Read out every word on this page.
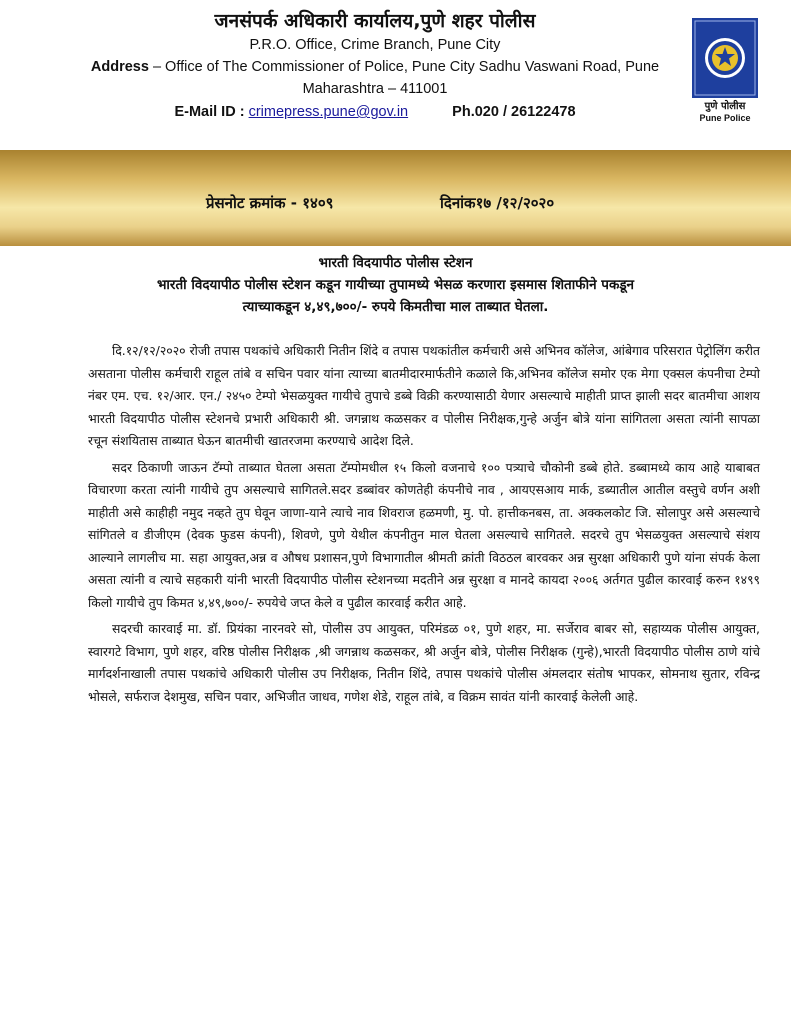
जनसंपर्क अधिकारी कार्यालय,पुणे शहर पोलीस
P.R.O. Office, Crime Branch, Pune City
Address – Office of The Commissioner of Police, Pune City Sadhu Vaswani Road, Pune
Maharashtra – 411001
E-Mail ID : crimepress.pune@gov.in	Ph.020 / 26122478	पुणे पोलीस
Pune Police
प्रेसनोट क्रमांक - १४०९	दिनांक१७ /१२/२०२०
भारती विदयापीठ पोलीस स्टेशन
भारती विदयापीठ पोलीस स्टेशन कडून गायीच्या तुपामध्ये भेसळ करणारा इसमास शिताफीने पकडून
त्याच्याकडून ४,४९,७००/- रुपये किमतीचा माल ताब्यात घेतला.

दि.१२/१२/२०२० रोजी तपास पथकांचे अधिकारी नितीन शिंदे व तपास पथकांतील कर्मचारी असे अभिनव कॉलेज, आंबेगाव परिसरात पेट्रोलिंग करीत असताना पोलीस कर्मचारी राहूल तांबे व सचिन पवार यांना त्याच्या बातमीदारमार्फतीने कळाले कि,अभिनव कॉलेज समोर एक मेगा एक्सल कंपनीचा टेम्पो नंबर एम. एच. १२/आर. एन./ २४५० टेम्पो भेसळयुक्त गायीचे तुपाचे डब्बे विक्री करण्यासाठी येणार असल्याचे माहीती प्राप्त झाली सदर बातमीचा आशय भारती विदयापीठ पोलीस स्टेशनचे प्रभारी अधिकारी श्री. जगन्नाथ कळसकर व पोलीस निरीक्षक,गुन्हे अर्जुन बोत्रे यांना सांगितला असता त्यांनी सापळा रचून संशयितास ताब्यात घेऊन बातमीची खातरजमा करण्याचे आदेश दिले.

सदर ठिकाणी जाऊन टॅम्पो ताब्यात घेतला असता टॅम्पोमधील १५ किलो वजनाचे १०० पत्र्याचे चौकोनी डब्बे होते. डब्बामध्ये काय आहे याबाबत विचारणा करता त्यांनी गायीचे तुप असल्याचे सागितले.सदर डब्बांवर कोणतेही कंपनीचे नाव , आयएसआय मार्क, डब्यातील आतील वस्तुचे वर्णन अशी माहीती असे काहीही नमुद नव्हते तुप घेवून जाणा-याने त्याचे नाव शिवराज हळमणी, मु. पो. हात्तीकनबस, ता. अक्कलकोट जि. सोलापुर असे असल्याचे सांगितले व डीजीएम (देवक फुडस कंपनी), शिवणे, पुणे येथील कंपनीतुन माल घेतला असल्याचे सागितले. सदरचे तुप भेसळयुक्त असल्याचे संशय आल्याने लागलीच मा. सहा आयुक्त,अन्न व औषध प्रशासन,पुणे विभागातील श्रीमती क्रांती विठठल बारवकर अन्न सुरक्षा अधिकारी पुणे यांना संपर्क केला असता त्यांनी व त्याचे सहकारी यांनी भारती विदयापीठ पोलीस स्टेशनच्या मदतीने अन्न सुरक्षा व मानदे कायदा २००६ अर्तगत पुढील कारवाई करुन १४९९ किलो गायीचे तुप किमत ४,४९,७००/- रुपयेचे जप्त केले व पुढील कारवाई करीत आहे.

सदरची कारवाई मा. डॉ. प्रियंका नारनवरे सो, पोलीस उप आयुक्त, परिमंडळ ०१, पुणे शहर, मा. सर्जेराव बाबर सो, सहाय्यक पोलीस आयुक्त, स्वारगटे विभाग, पुणे शहर, वरिष्ठ पोलीस निरीक्षक ,श्री जगन्नाथ कळसकर, श्री अर्जुन बोत्रे, पोलीस निरीक्षक (गुन्हे),भारती विदयापीठ पोलीस ठाणे यांचे मार्गदर्शनाखाली तपास पथकांचे अधिकारी पोलीस उप निरीक्षक, नितीन शिंदे, तपास पथकांचे पोलीस अंमलदार संतोष भापकर, सोमनाथ सुतार, रविन्द्र भोसले, सर्फराज देशमुख, सचिन पवार, अभिजीत जाधव, गणेश शेडे, राहूल तांबे, व विक्रम सावंत यांनी कारवाई केलेली आहे.
